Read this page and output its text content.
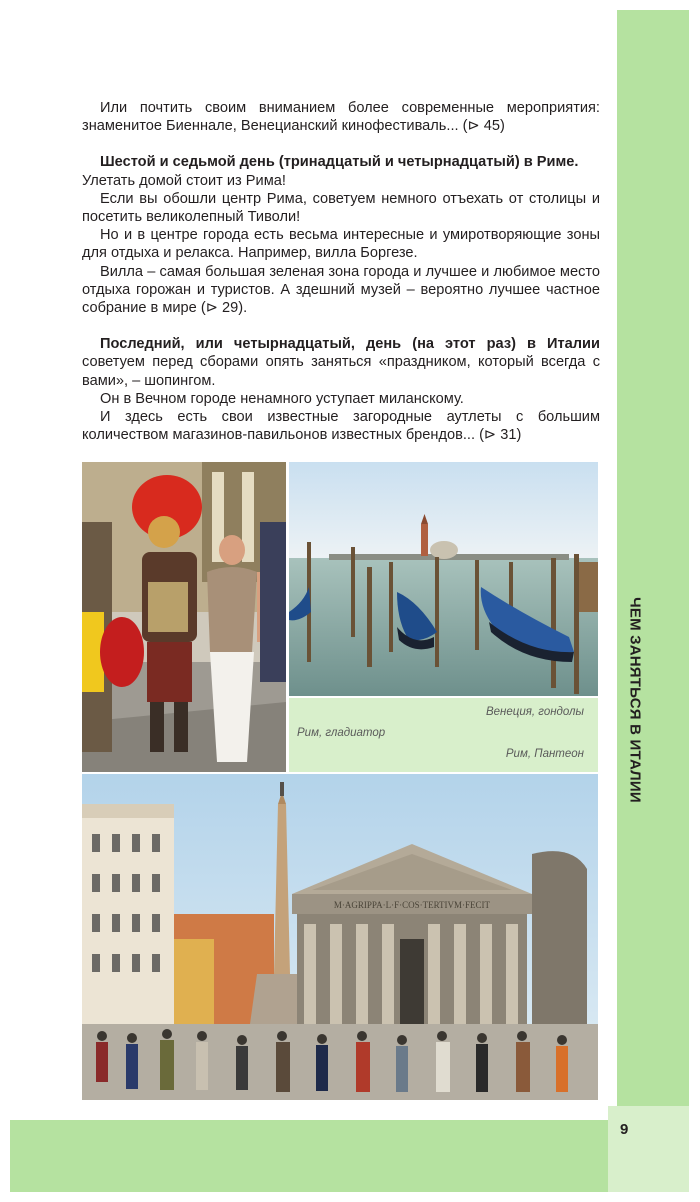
ЧЕМ ЗАНЯТЬСЯ В ИТАЛИИ
9

Или почтить своим вниманием более современные мероприятия: знаменитое Биеннале, Венецианский кинофестиваль... (⊳ 45)

Шестой и седьмой день (тринадцатый и четырнадцатый) в Риме.

Улетать домой стоит из Рима!

Если вы обошли центр Рима, советуем немного отъехать от столицы и посетить великолепный Тиволи!

Но и в центре города есть весьма интересные и умиротворяющие зоны для отдыха и релакса. Например, вилла Боргезе.

Вилла – самая большая зеленая зона города и лучшее и любимое место отдыха горожан и туристов. А здешний музей – вероятно лучшее частное собрание в мире (⊳ 29).

Последний, или четырнадцатый, день (на этот раз) в Италии советуем перед сборами опять заняться «праздником, который всегда с вами», – шопингом.

Он в Вечном городе ненамного уступает миланскому.

И здесь есть свои известные загородные аутлеты с большим количеством магазинов-павильонов известных брендов... (⊳ 31)

Венеция, гондолы
Рим, гладиатор
Рим, Пантеон
M·AGRIPPA·L·F·COS·TERTIVM·FECIT
